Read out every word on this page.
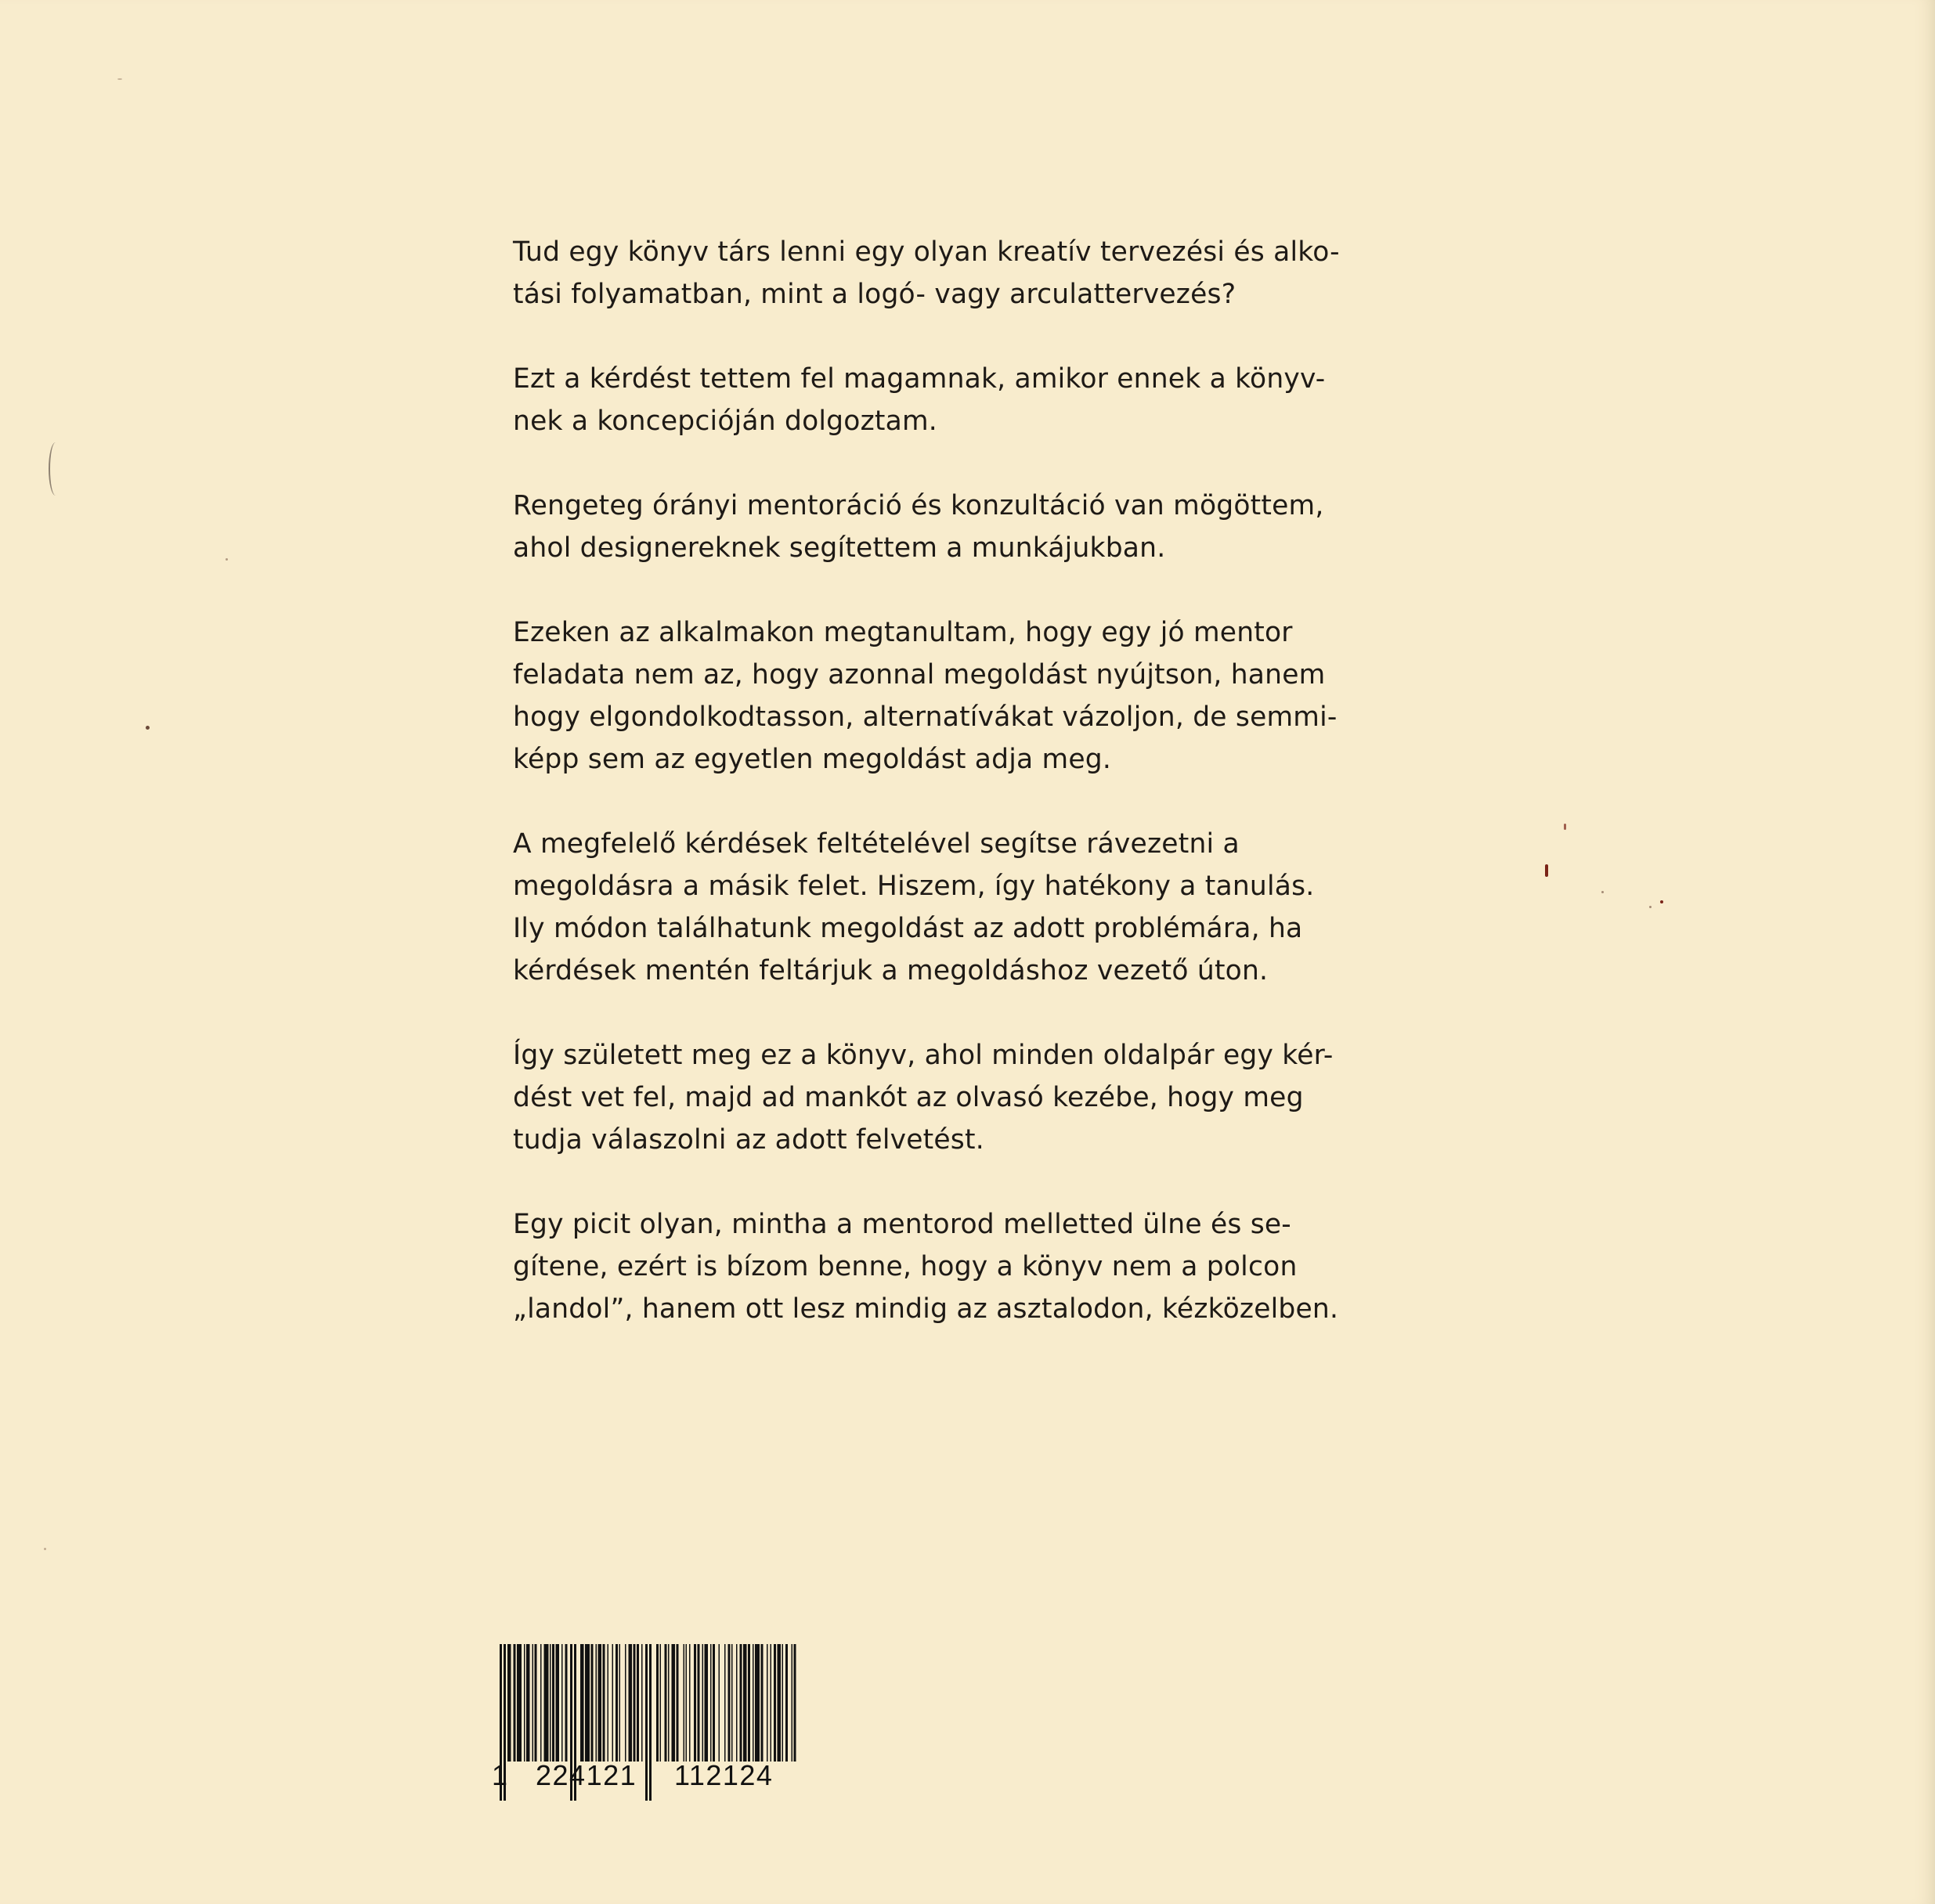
Tud egy könyv társ lenni egy olyan kreatív tervezési és alko-
tási folyamatban, mint a logó- vagy arculattervezés?

Ezt a kérdést tettem fel magamnak, amikor ennek a könyv-
nek a koncepcióján dolgoztam.

Rengeteg órányi mentoráció és konzultáció van mögöttem,
ahol designereknek segítettem a munkájukban.

Ezeken az alkalmakon megtanultam, hogy egy jó mentor
feladata nem az, hogy azonnal megoldást nyújtson, hanem
hogy elgondolkodtasson, alternatívákat vázoljon, de semmi-
képp sem az egyetlen megoldást adja meg.

A megfelelő kérdések feltételével segítse rávezetni a
megoldásra a másik felet. Hiszem, így hatékony a tanulás.
Ily módon találhatunk megoldást az adott problémára, ha
kérdések mentén feltárjuk a megoldáshoz vezető úton.

Így született meg ez a könyv, ahol minden oldalpár egy kér-
dést vet fel, majd ad mankót az olvasó kezébe, hogy meg
tudja válaszolni az adott felvetést.

Egy picit olyan, mintha a mentorod melletted ülne és se-
gítene, ezért is bízom benne, hogy a könyv nem a polcon
„landol”, hanem ott lesz mindig az asztalodon, kézközelben.

1 224121 112124
